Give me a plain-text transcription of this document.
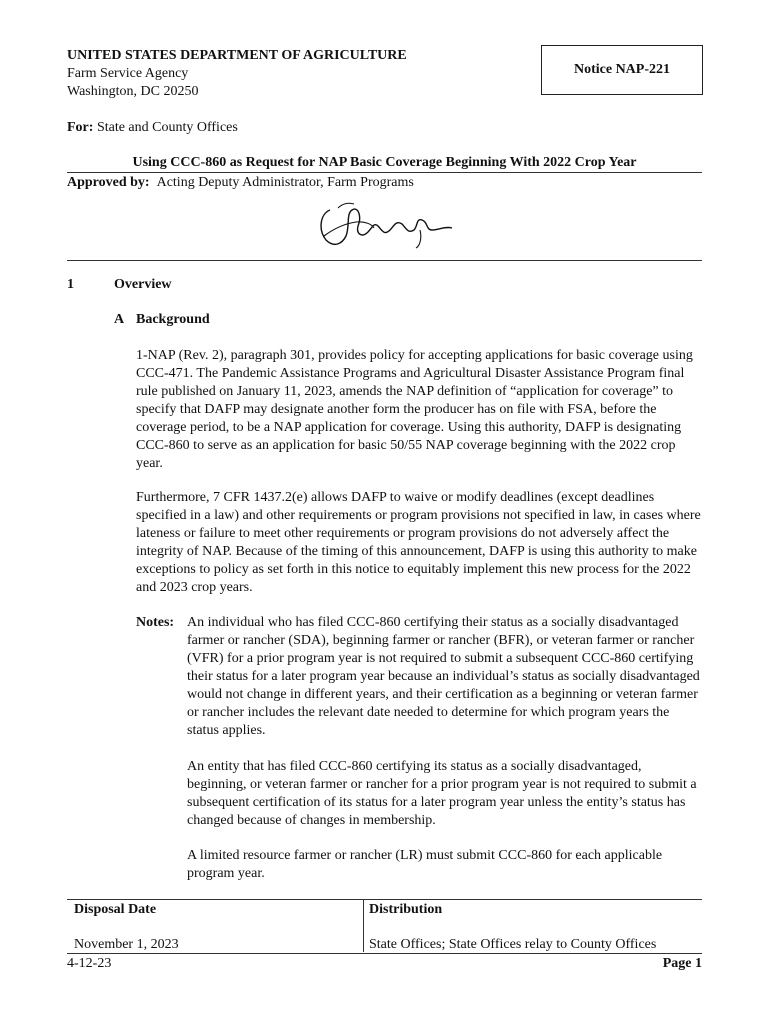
UNITED STATES DEPARTMENT OF AGRICULTURE
Farm Service Agency
Washington, DC 20250
Notice NAP-221
For: State and County Offices
Using CCC-860 as Request for NAP Basic Coverage Beginning With 2022 Crop Year
Approved by: Acting Deputy Administrator, Farm Programs
1	Overview
A Background
1-NAP (Rev. 2), paragraph 301, provides policy for accepting applications for basic coverage using CCC-471. The Pandemic Assistance Programs and Agricultural Disaster Assistance Program final rule published on January 11, 2023, amends the NAP definition of “application for coverage” to specify that DAFP may designate another form the producer has on file with FSA, before the coverage period, to be a NAP application for coverage. Using this authority, DAFP is designating CCC-860 to serve as an application for basic 50/55 NAP coverage beginning with the 2022 crop year.
Furthermore, 7 CFR 1437.2(e) allows DAFP to waive or modify deadlines (except deadlines specified in a law) and other requirements or program provisions not specified in law, in cases where lateness or failure to meet other requirements or program provisions do not adversely affect the integrity of NAP. Because of the timing of this announcement, DAFP is using this authority to make exceptions to policy as set forth in this notice to equitably implement this new process for the 2022 and 2023 crop years.
Notes: An individual who has filed CCC-860 certifying their status as a socially disadvantaged farmer or rancher (SDA), beginning farmer or rancher (BFR), or veteran farmer or rancher (VFR) for a prior program year is not required to submit a subsequent CCC-860 certifying their status for a later program year because an individual’s status as socially disadvantaged would not change in different years, and their certification as a beginning or veteran farmer or rancher includes the relevant date needed to determine for which program years the status applies.
An entity that has filed CCC-860 certifying its status as a socially disadvantaged, beginning, or veteran farmer or rancher for a prior program year is not required to submit a subsequent certification of its status for a later program year unless the entity’s status has changed because of changes in membership.
A limited resource farmer or rancher (LR) must submit CCC-860 for each applicable program year.
Disposal Date	Distribution
November 1, 2023	State Offices; State Offices relay to County Offices
4-12-23	Page 1
